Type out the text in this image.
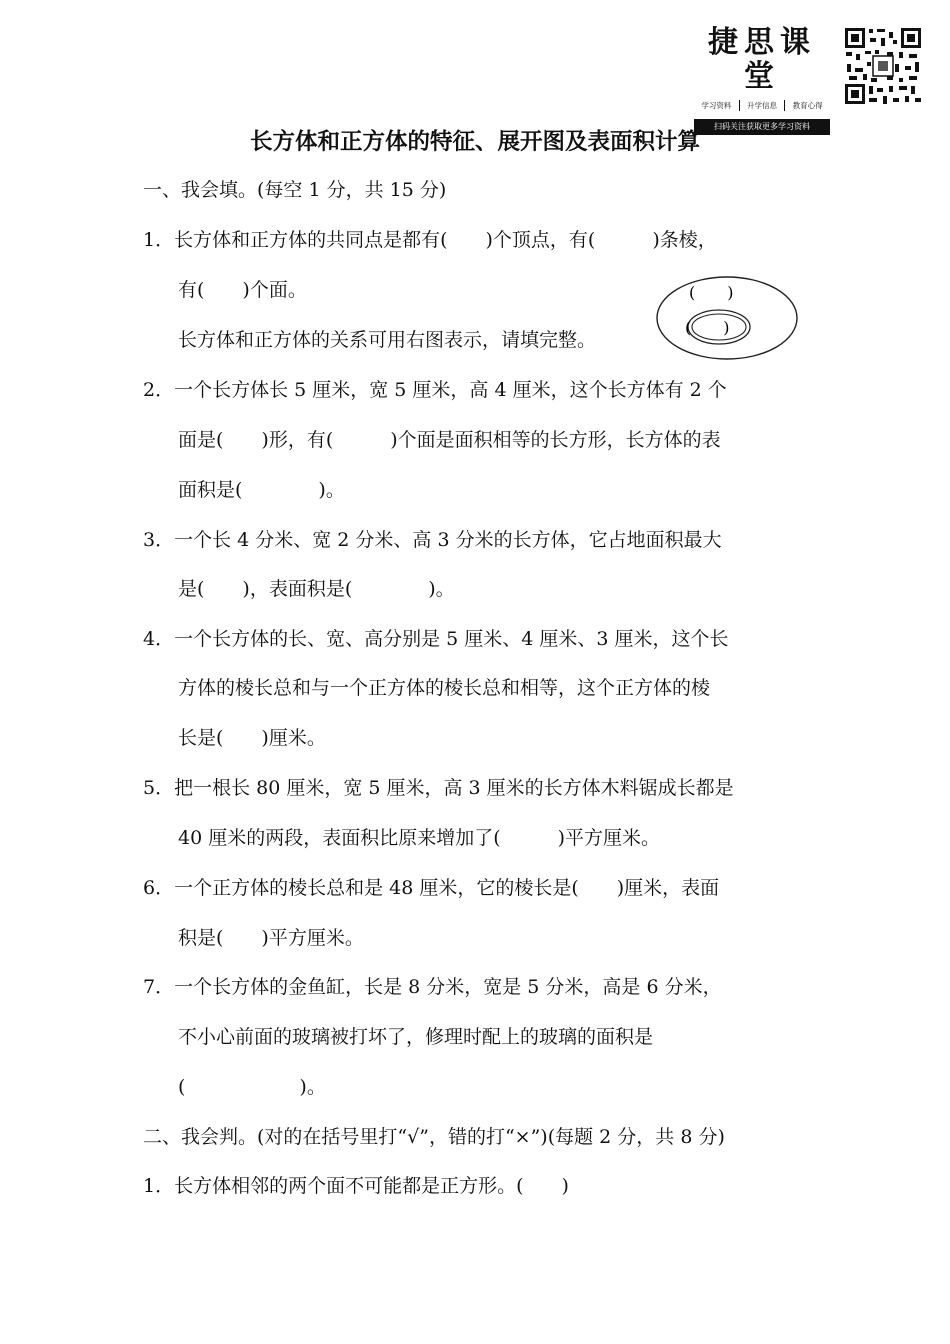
捷思课堂
学习资料	升学信息	教育心得
扫码关注获取更多学习资料
长方体和正方体的特征、展开图及表面积计算
一、我会填。(每空 1 分，共 15 分)
1．长方体和正方体的共同点是都有(　　)个顶点，有(　　　)条棱，
有(　　)个面。
长方体和正方体的关系可用右图表示，请填完整。
(　　)
(　　)
2．一个长方体长 5 厘米，宽 5 厘米，高 4 厘米，这个长方体有 2 个
面是(　　)形，有(　　　)个面是面积相等的长方形，长方体的表
面积是(　　　　)。
3．一个长 4 分米、宽 2 分米、高 3 分米的长方体，它占地面积最大
是(　　)，表面积是(　　　　)。
4．一个长方体的长、宽、高分别是 5 厘米、4 厘米、3 厘米，这个长
方体的棱长总和与一个正方体的棱长总和相等，这个正方体的棱
长是(　　)厘米。
5．把一根长 80 厘米，宽 5 厘米，高 3 厘米的长方体木料锯成长都是
40 厘米的两段，表面积比原来增加了(　　　)平方厘米。
6．一个正方体的棱长总和是 48 厘米，它的棱长是(　　)厘米，表面
积是(　　)平方厘米。
7．一个长方体的金鱼缸，长是 8 分米，宽是 5 分米，高是 6 分米，
不小心前面的玻璃被打坏了，修理时配上的玻璃的面积是
(　　　　　　)。
二、我会判。(对的在括号里打“√”，错的打“×”)(每题 2 分，共 8 分)
1．长方体相邻的两个面不可能都是正方形。(　　)
